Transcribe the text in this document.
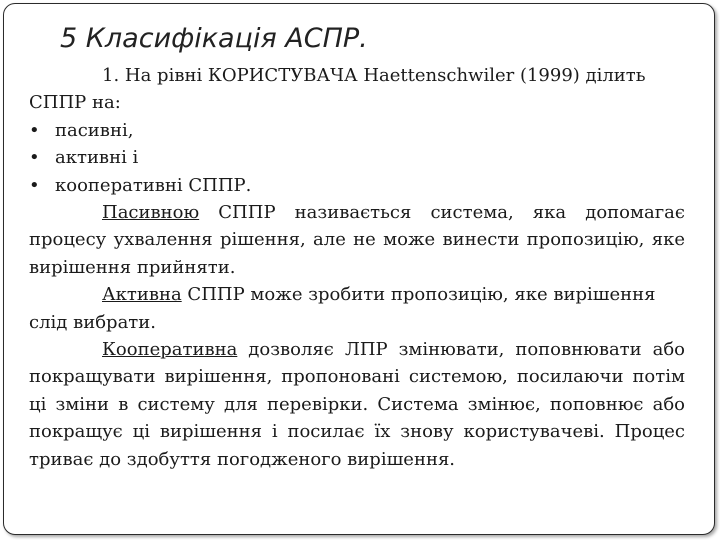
5 Класифікація АСПР.

1. На рівні КОРИСТУВАЧА Haettenschwiler (1999) ділить СППР на:

• пасивні,
• активні і
• кооперативні СППР.

Пасивною СППР називається система, яка допомагає процесу ухвалення рішення, але не може винести пропозицію, яке вирішення прийняти.

Активна СППР може зробити пропозицію, яке вирішення слід вибрати.

Кооперативна дозволяє ЛПР змінювати, поповнювати або покращувати вирішення, пропоновані системою, посилаючи потім ці зміни в систему для перевірки. Система змінює, поповнює або покращує ці вирішення і посилає їх знову користувачеві. Процес триває до здобуття погодженого вирішення.
